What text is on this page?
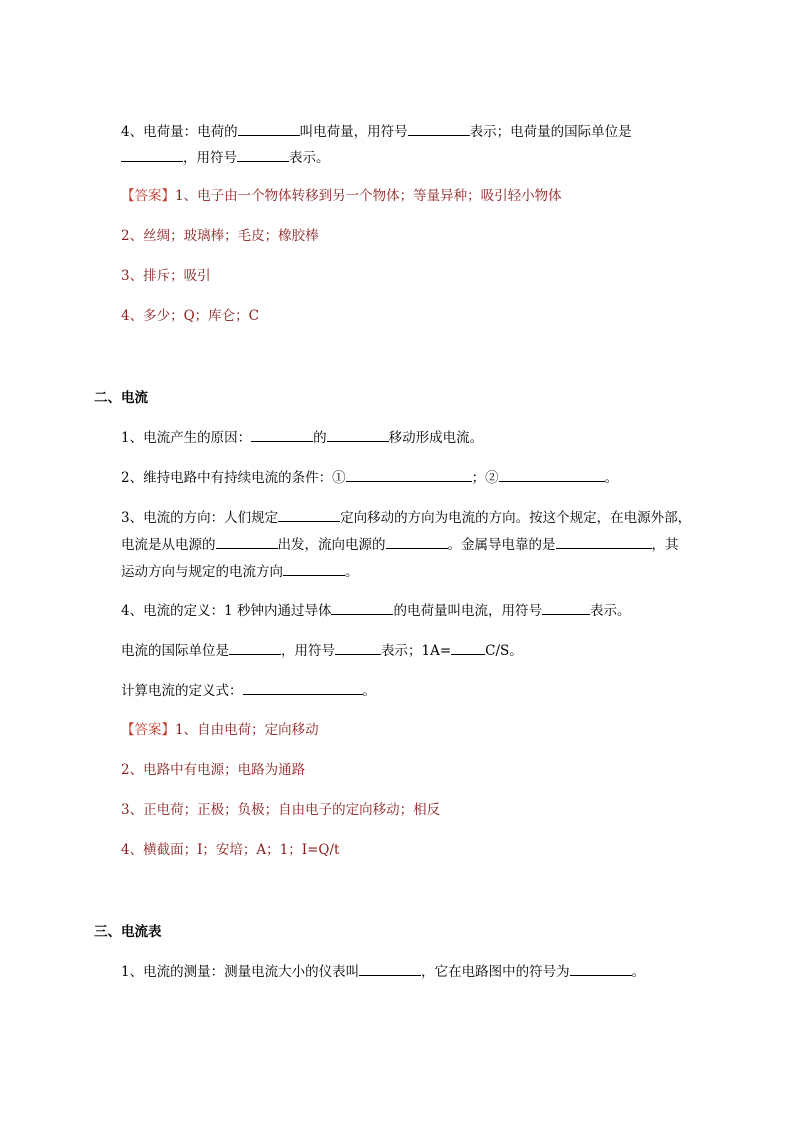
4、电荷量：电荷的	叫电荷量，用符号	表示；电荷量的国际单位是
，用符号	表示。
【答案】1、电子由一个物体转移到另一个物体；等量异种；吸引轻小物体
2、丝绸；玻璃棒；毛皮；橡胶棒
3、排斥；吸引
4、多少；Q；库仑；C
二、电流
1、电流产生的原因：	的	移动形成电流。
2、维持电路中有持续电流的条件：①	；②	。
3、电流的方向：人们规定	定向移动的方向为电流的方向。按这个规定，在电源外部，
电流是从电源的	出发，流向电源的	。金属导电靠的是	，其
运动方向与规定的电流方向	。
4、电流的定义：1 秒钟内通过导体	的电荷量叫电流，用符号	表示。
电流的国际单位是	，用符号	表示；1A=	C/S。
计算电流的定义式：	。
【答案】1、自由电荷；定向移动
2、电路中有电源；电路为通路
3、正电荷；正极；负极；自由电子的定向移动；相反
4、横截面；I；安培；A；1；I=Q/t
三、电流表
1、电流的测量：测量电流大小的仪表叫	，它在电路图中的符号为	。
